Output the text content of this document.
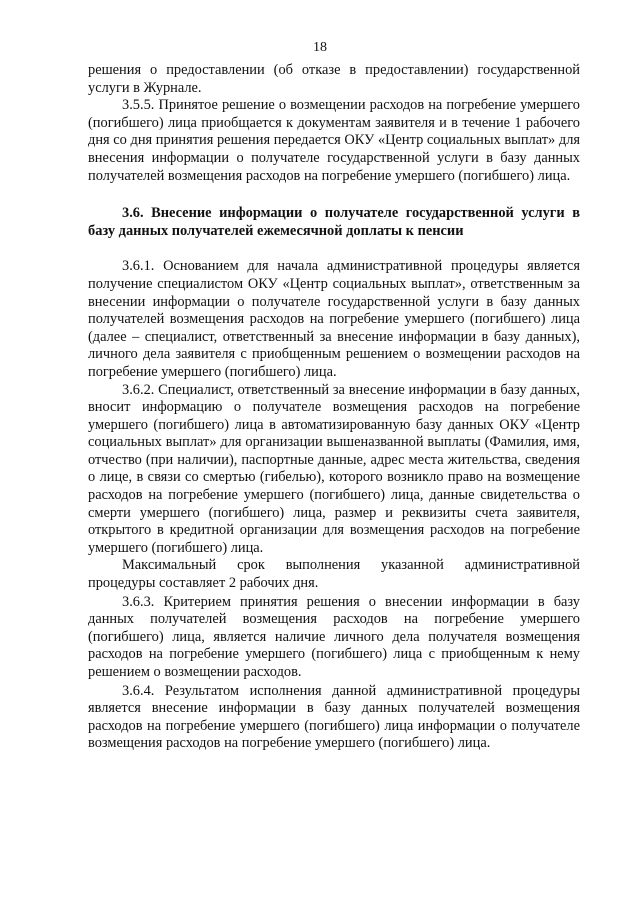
18

решения о предоставлении (об отказе в предоставлении) государственной услуги в Журнале.

3.5.5. Принятое решение о возмещении расходов на погребение умершего (погибшего) лица приобщается к документам заявителя и в течение 1 рабочего дня со дня принятия решения передается ОКУ «Центр социальных выплат» для внесения информации о получателе государственной услуги в базу данных получателей возмещения расходов на погребение умершего (погибшего) лица.

3.6. Внесение информации о получателе государственной услуги в базу данных получателей ежемесячной доплаты к пенсии

3.6.1. Основанием для начала административной процедуры является получение специалистом ОКУ «Центр социальных выплат», ответственным за внесении информации о получателе государственной услуги в базу данных получателей возмещения расходов на погребение умершего (погибшего) лица (далее – специалист, ответственный за внесение информации в базу данных), личного дела заявителя с приобщенным решением о возмещении расходов на погребение умершего (погибшего) лица.

3.6.2. Специалист, ответственный за внесение информации в базу данных, вносит информацию о получателе возмещения расходов на погребение умершего (погибшего) лица в автоматизированную базу данных ОКУ «Центр социальных выплат» для организации вышеназванной выплаты (Фамилия, имя, отчество (при наличии), паспортные данные, адрес места жительства, сведения о лице, в связи со смертью (гибелью), которого возникло право на возмещение расходов на погребение умершего (погибшего) лица, данные свидетельства о смерти умершего (погибшего) лица, размер и реквизиты счета заявителя, открытого в кредитной организации для возмещения расходов на погребение умершего (погибшего) лица.

Максимальный срок выполнения указанной административной процедуры составляет 2 рабочих дня.

3.6.3. Критерием принятия решения о внесении информации в базу данных получателей возмещения расходов на погребение умершего (погибшего) лица, является наличие личного дела получателя возмещения расходов на погребение умершего (погибшего) лица с приобщенным к нему решением о возмещении расходов.

3.6.4. Результатом исполнения данной административной процедуры является внесение информации в базу данных получателей возмещения расходов на погребение умершего (погибшего) лица информации о получателе возмещения расходов на погребение умершего (погибшего) лица.
